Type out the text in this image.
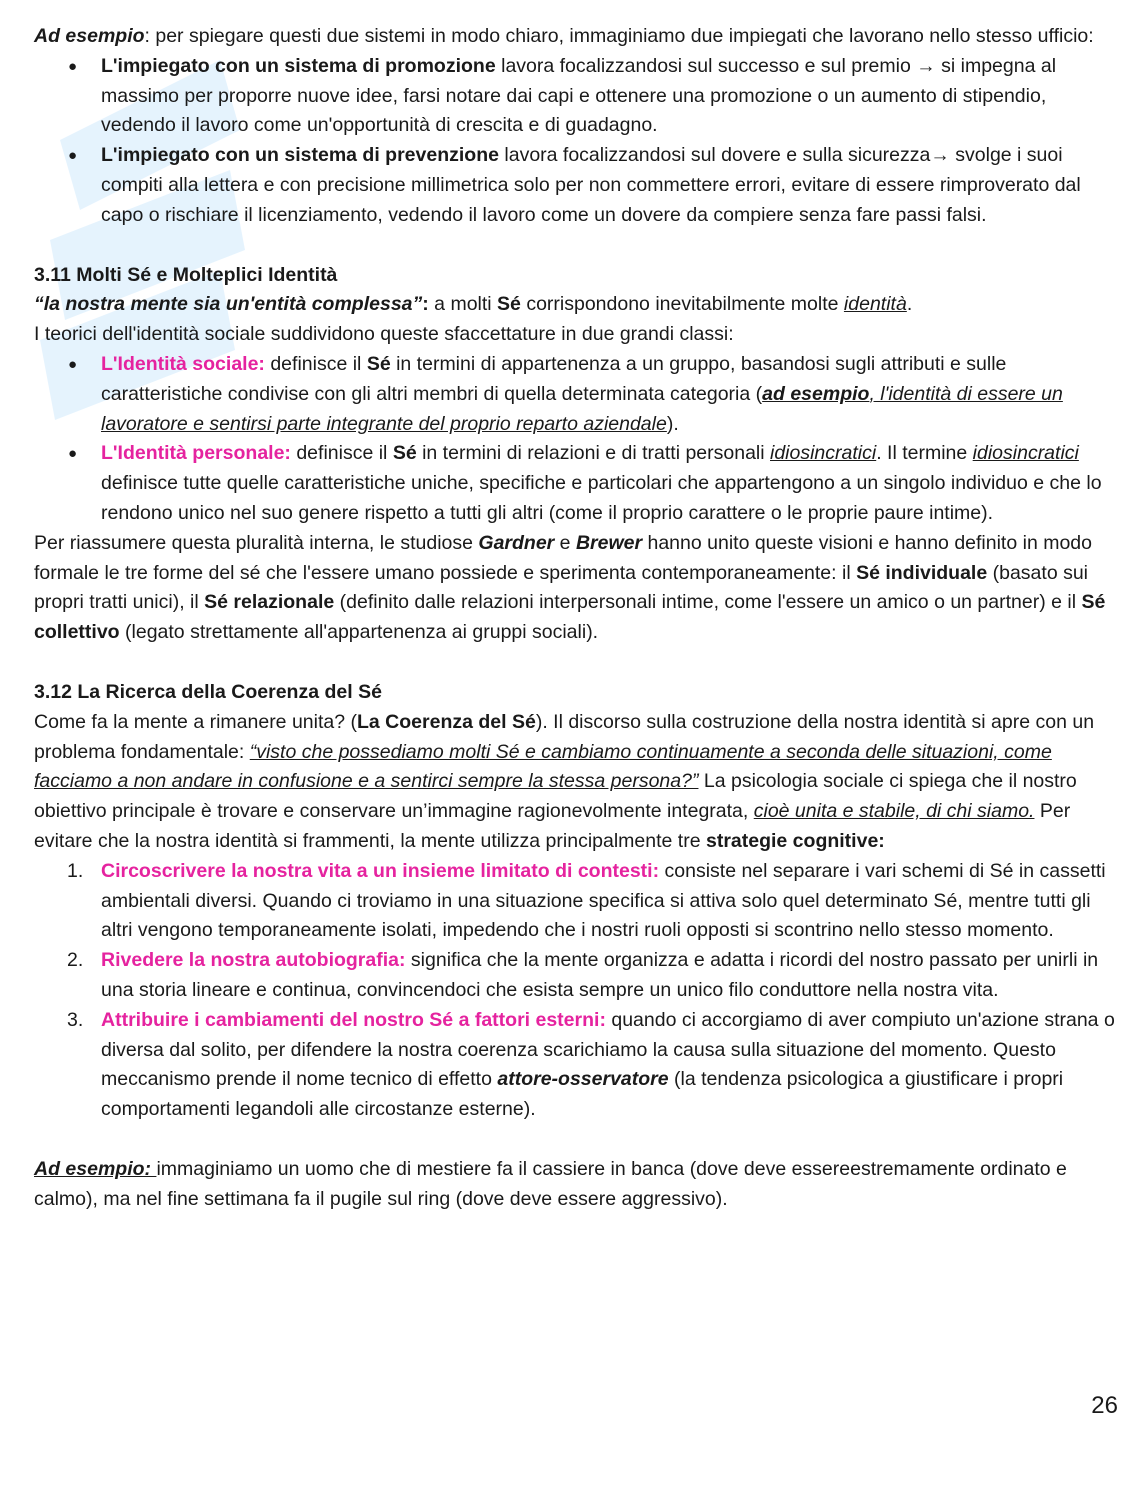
Ad esempio: per spiegare questi due sistemi in modo chiaro, immaginiamo due impiegati che lavorano nello stesso ufficio:

● L'impiegato con un sistema di promozione lavora focalizzandosi sul successo e sul premio → si impegna al massimo per proporre nuove idee, farsi notare dai capi e ottenere una promozione o un aumento di stipendio, vedendo il lavoro come un'opportunità di crescita e di guadagno.
● L'impiegato con un sistema di prevenzione lavora focalizzandosi sul dovere e sulla sicurezza→ svolge i suoi compiti alla lettera e con precisione millimetrica solo per non commettere errori, evitare di essere rimproverato dal capo o rischiare il licenziamento, vedendo il lavoro come un dovere da compiere senza fare passi falsi.
3.11 Molti Sé e Molteplici Identità

“la nostra mente sia un'entità complessa”: a molti Sé corrispondono inevitabilmente molte identità.

I teorici dell'identità sociale suddividono queste sfaccettature in due grandi classi:

● L'Identità sociale: definisce il Sé in termini di appartenenza a un gruppo, basandosi sugli attributi e sulle caratteristiche condivise con gli altri membri di quella determinata categoria (ad esempio, l'identità di essere un lavoratore e sentirsi parte integrante del proprio reparto aziendale).
● L'Identità personale: definisce il Sé in termini di relazioni e di tratti personali idiosincratici. Il termine idiosincratici definisce tutte quelle caratteristiche uniche, specifiche e particolari che appartengono a un singolo individuo e che lo rendono unico nel suo genere rispetto a tutti gli altri (come il proprio carattere o le proprie paure intime).

Per riassumere questa pluralità interna, le studiose Gardner e Brewer hanno unito queste visioni e hanno definito in modo formale le tre forme del sé che l'essere umano possiede e sperimenta contemporaneamente: il Sé individuale (basato sui propri tratti unici), il Sé relazionale (definito dalle relazioni interpersonali intime, come l'essere un amico o un partner) e il Sé collettivo (legato strettamente all'appartenenza ai gruppi sociali).

3.12 La Ricerca della Coerenza del Sé

Come fa la mente a rimanere unita? (La Coerenza del Sé). Il discorso sulla costruzione della nostra identità si apre con un problema fondamentale: “visto che possediamo molti Sé e cambiamo continuamente a seconda delle situazioni, come facciamo a non andare in confusione e a sentirci sempre la stessa persona?” La psicologia sociale ci spiega che il nostro obiettivo principale è trovare e conservare un’immagine ragionevolmente integrata, cioè unita e stabile, di chi siamo. Per evitare che la nostra identità si frammenti, la mente utilizza principalmente tre strategie cognitive:

1. Circoscrivere la nostra vita a un insieme limitato di contesti: consiste nel separare i vari schemi di Sé in cassetti ambientali diversi. Quando ci troviamo in una situazione specifica si attiva solo quel determinato Sé, mentre tutti gli altri vengono temporaneamente isolati, impedendo che i nostri ruoli opposti si scontrino nello stesso momento.
2. Rivedere la nostra autobiografia: significa che la mente organizza e adatta i ricordi del nostro passato per unirli in una storia lineare e continua, convincendoci che esista sempre un unico filo conduttore nella nostra vita.
3. Attribuire i cambiamenti del nostro Sé a fattori esterni: quando ci accorgiamo di aver compiuto un'azione strana o diversa dal solito, per difendere la nostra coerenza scarichiamo la causa sulla situazione del momento. Questo meccanismo prende il nome tecnico di effetto attore-osservatore (la tendenza psicologica a giustificare i propri comportamenti legandoli alle circostanze esterne).

Ad esempio: immaginiamo un uomo che di mestiere fa il cassiere in banca (dove deve essereestremamente ordinato e calmo), ma nel fine settimana fa il pugile sul ring (dove deve essere aggressivo).

26
